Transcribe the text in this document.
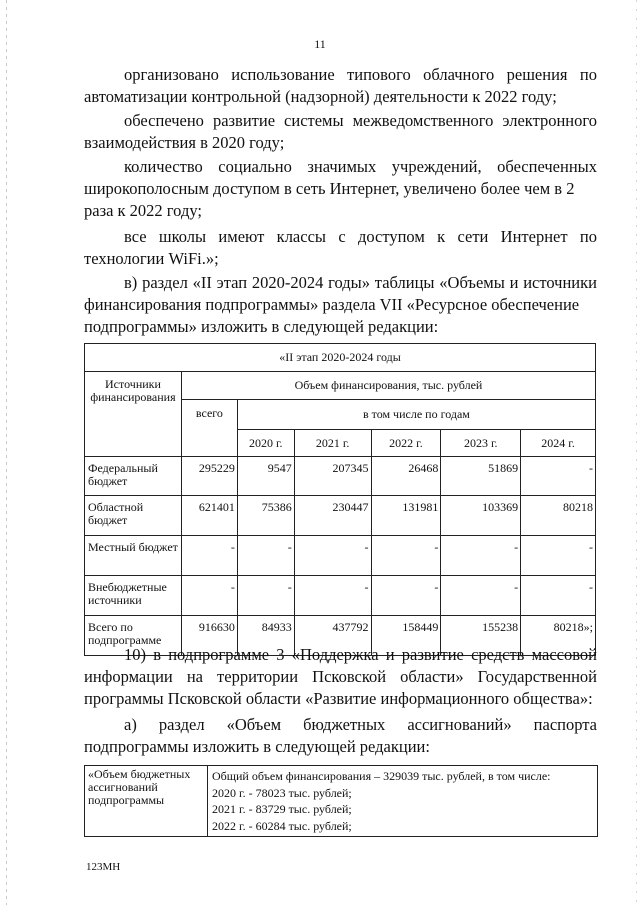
11
организовано использование типового облачного решения по
автоматизации контрольной (надзорной) деятельности к 2022 году;
обеспечено развитие системы межведомственного электронного
взаимодействия в 2020 году;
количество социально значимых учреждений, обеспеченных
широкополосным доступом в сеть Интернет, увеличено более чем в 2
раза к 2022 году;
все школы имеют классы с доступом к сети Интернет по
технологии WiFi.»;
в) раздел «II этап 2020-2024 годы» таблицы «Объемы и источники
финансирования подпрограммы» раздела VII «Ресурсное обеспечение
подпрограммы» изложить в следующей редакции:
«II этап 2020-2024 годы						
Источники финансирования	Объем финансирования, тыс. рублей					
	всего	в том числе по годам				
		2020 г.	2021 г.	2022 г.	2023 г.	2024 г.
Федеральный бюджет	295229	9547	207345	26468	51869	-
Областной бюджет	621401	75386	230447	131981	103369	80218
Местный бюджет	-	-	-	-	-	-
Внебюджетные источники	-	-	-	-	-	-
Всего по подпрограмме	916630	84933	437792	158449	155238	80218»;
10) в подпрограмме 3 «Поддержка и развитие средств массовой
информации на территории Псковской области» Государственной
программы Псковской области «Развитие информационного общества»:
а) раздел «Объем бюджетных ассигнований» паспорта
подпрограммы изложить в следующей редакции:
«Объем бюджетных ассигнований подпрограммы	
Общий объем финансирования – 329039 тыс. рублей, в том числе:
2020 г. - 78023 тыс. рублей;
2021 г. - 83729 тыс. рублей;
2022 г. - 60284 тыс. рублей;
123МН
